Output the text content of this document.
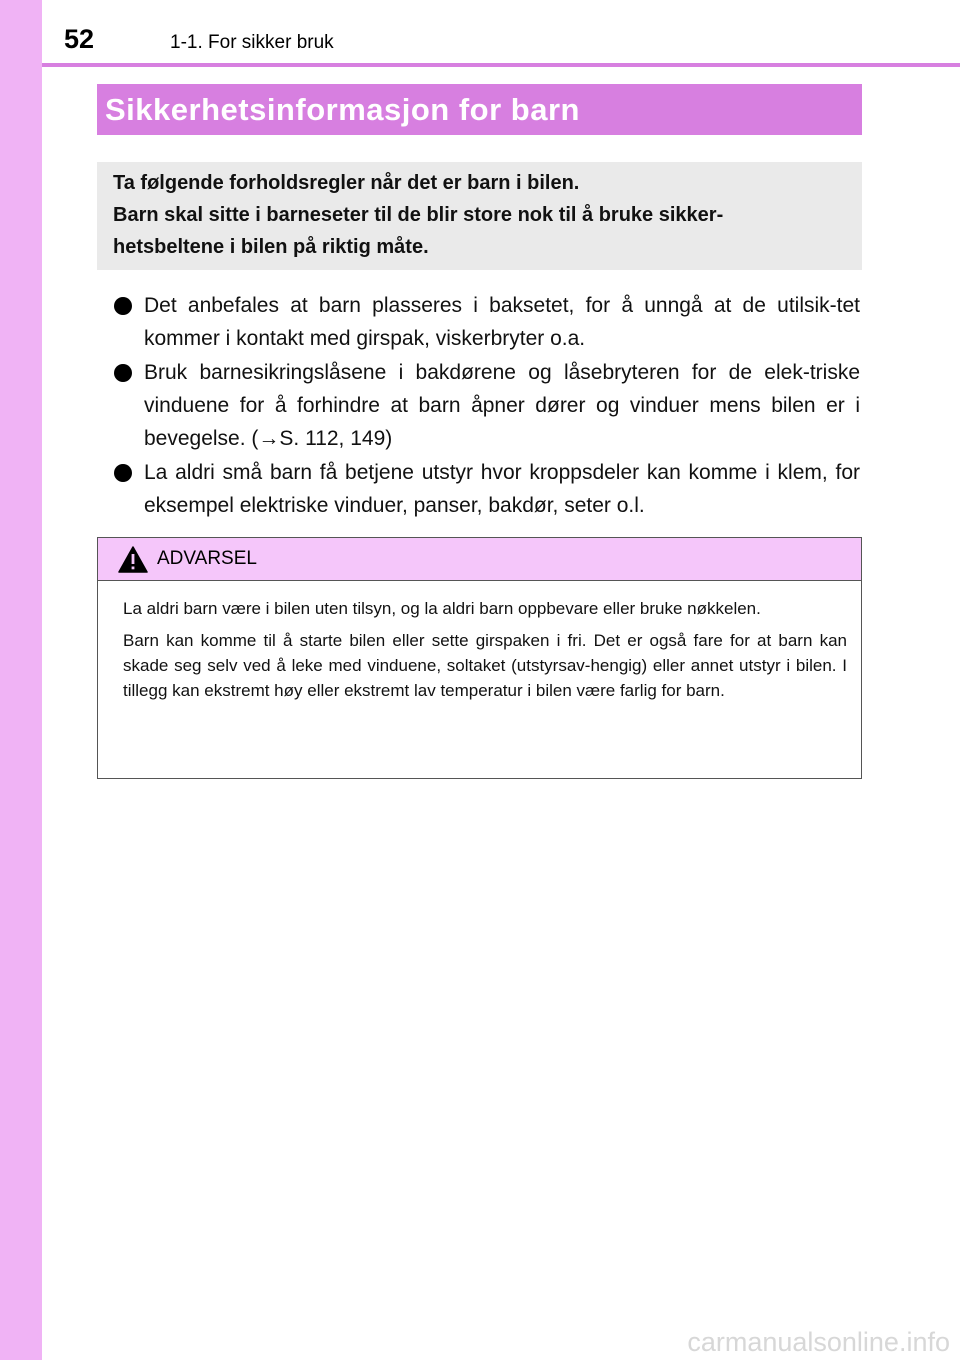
52	1-1. For sikker bruk
Sikkerhetsinformasjon for barn

Ta følgende forholdsregler når det er barn i bilen.

Barn skal sitte i barneseter til de blir store nok til å bruke sikker-

hetsbeltene i bilen på riktig måte.

Det anbefales at barn plasseres i baksetet, for å unngå at de utilsik-tet kommer i kontakt med girspak, viskerbryter o.a.
Bruk barnesikringslåsene i bakdørene og låsebryteren for de elek-triske vinduene for å forhindre at barn åpner dører og vinduer mens bilen er i bevegelse. (→S. 112, 149)
La aldri små barn få betjene utstyr hvor kroppsdeler kan komme i klem, for eksempel elektriske vinduer, panser, bakdør, seter o.l.
ADVARSEL

La aldri barn være i bilen uten tilsyn, og la aldri barn oppbevare eller bruke nøkkelen.

Barn kan komme til å starte bilen eller sette girspaken i fri. Det er også fare for at barn kan skade seg selv ved å leke med vinduene, soltaket (utstyrsav-hengig) eller annet utstyr i bilen. I tillegg kan ekstremt høy eller ekstremt lav temperatur i bilen være farlig for barn.

carmanualsonline.info
